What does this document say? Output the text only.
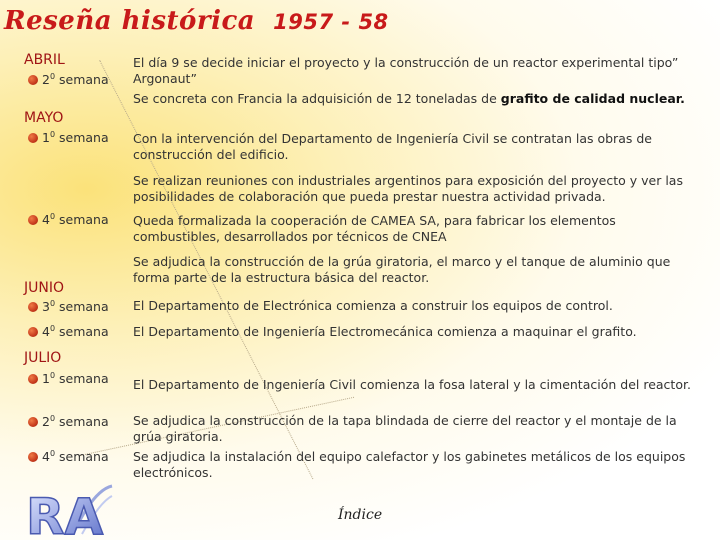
Reseña histórica 1957 - 58
ABRIL
$2^0$ semana

El día 9 se decide iniciar el proyecto y la construcción de un reactor experimental tipo” Argonaut”

Se concreta con Francia la adquisición de 12 toneladas de grafito de calidad nuclear.

MAYO
$1^0$ semana Con la intervención del Departamento de Ingeniería Civil se contratan las obras de construcción del edificio.

Se realizan reuniones con industriales argentinos para exposición del proyecto y ver las posibilidades de colaboración que pueda prestar nuestra actividad privada.

$4^0$ semana Queda formalizada la cooperación de CAMEA SA, para fabricar los elementos combustibles, desarrollados por técnicos de CNEA

Se adjudica la construcción de la grúa giratoria, el marco y el tanque de aluminio que forma parte de la estructura básica del reactor.

JUNIO
$3^0$ semana El Departamento de Electrónica comienza a construir los equipos de control.

$4^0$ semana El Departamento de Ingeniería Electromecánica comienza a maquinar el grafito.

JULIO
$1^0$ semana
$2^0$ semana
$4^0$ semana

El Departamento de Ingeniería Civil comienza la fosa lateral y la cimentación del reactor.

Se adjudica la construcción de la tapa blindada de cierre del reactor y el montaje de la grúa giratoria.

Se adjudica la instalación del equipo calefactor y los gabinetes metálicos de los equipos electrónicos.

RA	Índice
